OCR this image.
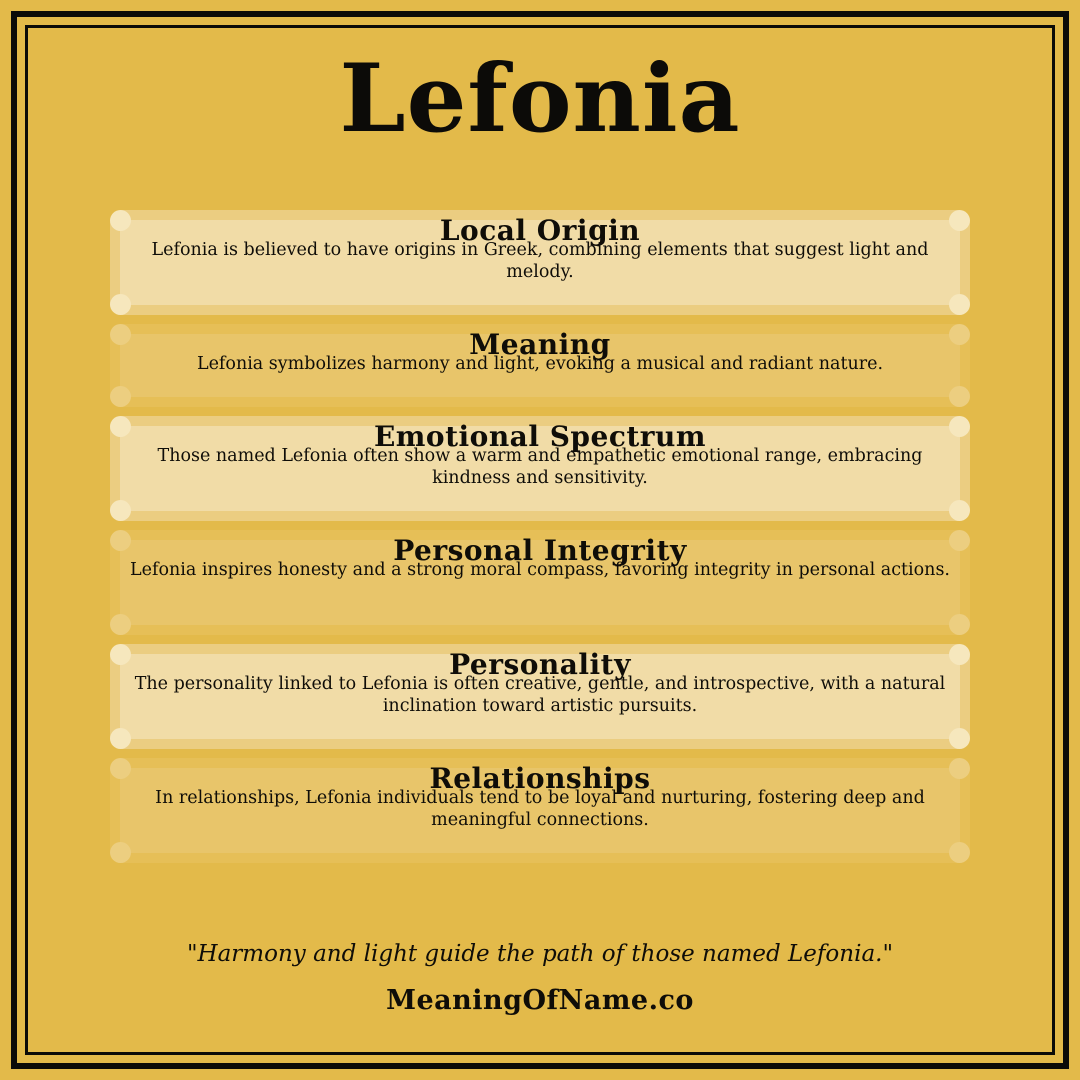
Lefonia
Local Origin
Lefonia is believed to have origins in Greek, combining elements that suggest light and melody.
Meaning
Lefonia symbolizes harmony and light, evoking a musical and radiant nature.
Emotional Spectrum
Those named Lefonia often show a warm and empathetic emotional range, embracing kindness and sensitivity.
Personal Integrity
Lefonia inspires honesty and a strong moral compass, favoring integrity in personal actions.
Personality
The personality linked to Lefonia is often creative, gentle, and introspective, with a natural inclination toward artistic pursuits.
Relationships
In relationships, Lefonia individuals tend to be loyal and nurturing, fostering deep and meaningful connections.
"Harmony and light guide the path of those named Lefonia."
MeaningOfName.co
